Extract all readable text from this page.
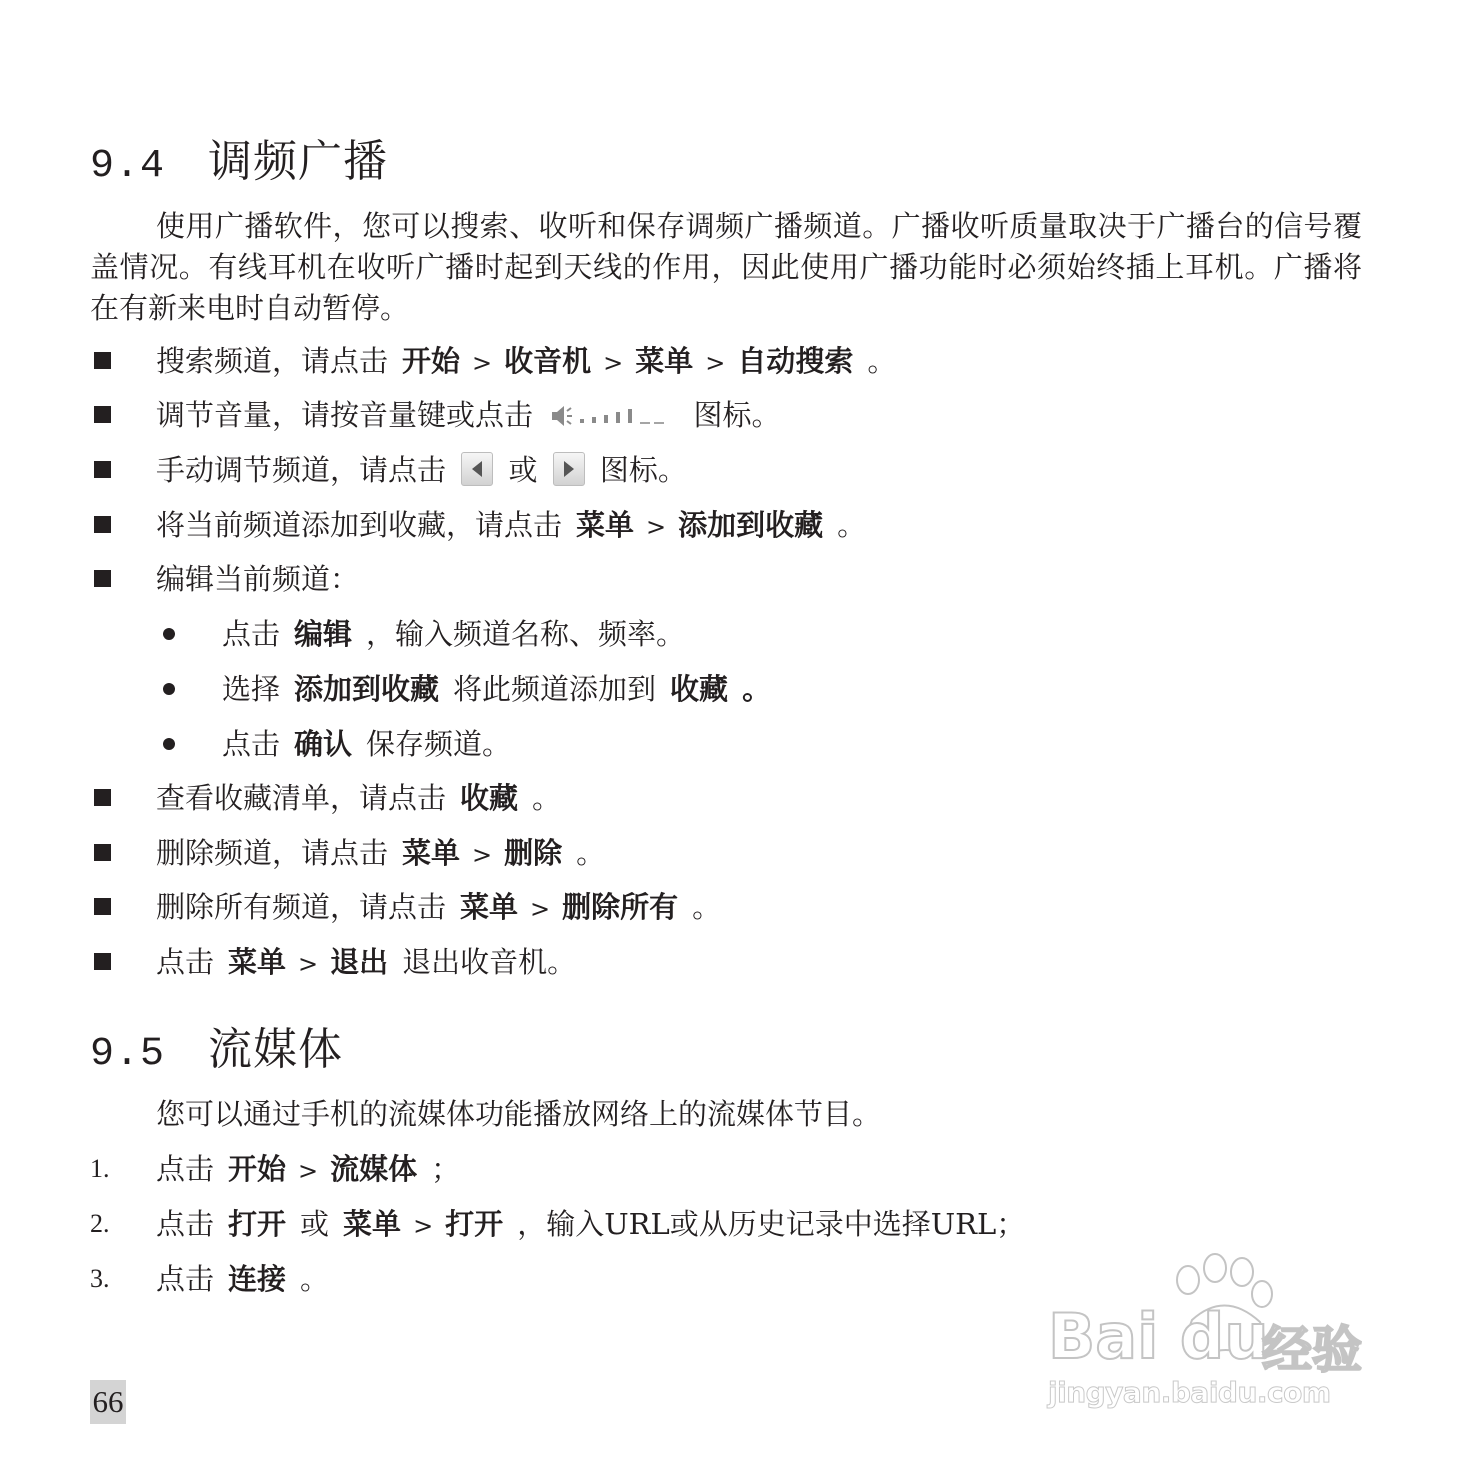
9.4 调频广播

使用广播软件，您可以搜索、收听和保存调频广播频道。广播收听质量取决于广播台的信号覆盖情况。有线耳机在收听广播时起到天线的作用，因此使用广播功能时必须始终插上耳机。广播将在有新来电时自动暂停。

搜索频道，请点击 开始 > 收音机 > 菜单 > 自动搜索 。
调节音量，请按音量键或点击	图标。
手动调节频道，请点击 或 图标。
将当前频道添加到收藏，请点击 菜单 > 添加到收藏 。
编辑当前频道：
点击 编辑 ，输入频道名称、频率。
选择 添加到收藏 将此频道添加到 收藏 。
点击 确认 保存频道。
查看收藏清单，请点击 收藏 。
删除频道，请点击 菜单 > 删除 。
删除所有频道，请点击 菜单 > 删除所有 。
点击 菜单 > 退出 退出收音机。
9.5 流媒体

您可以通过手机的流媒体功能播放网络上的流媒体节目。

1. 点击 开始 > 流媒体 ；
2. 点击 打开 或 菜单 > 打开 ，输入URL或从历史记录中选择URL；
3. 点击 连接 。
66
Bai du
经验
jingyan.baidu.com
